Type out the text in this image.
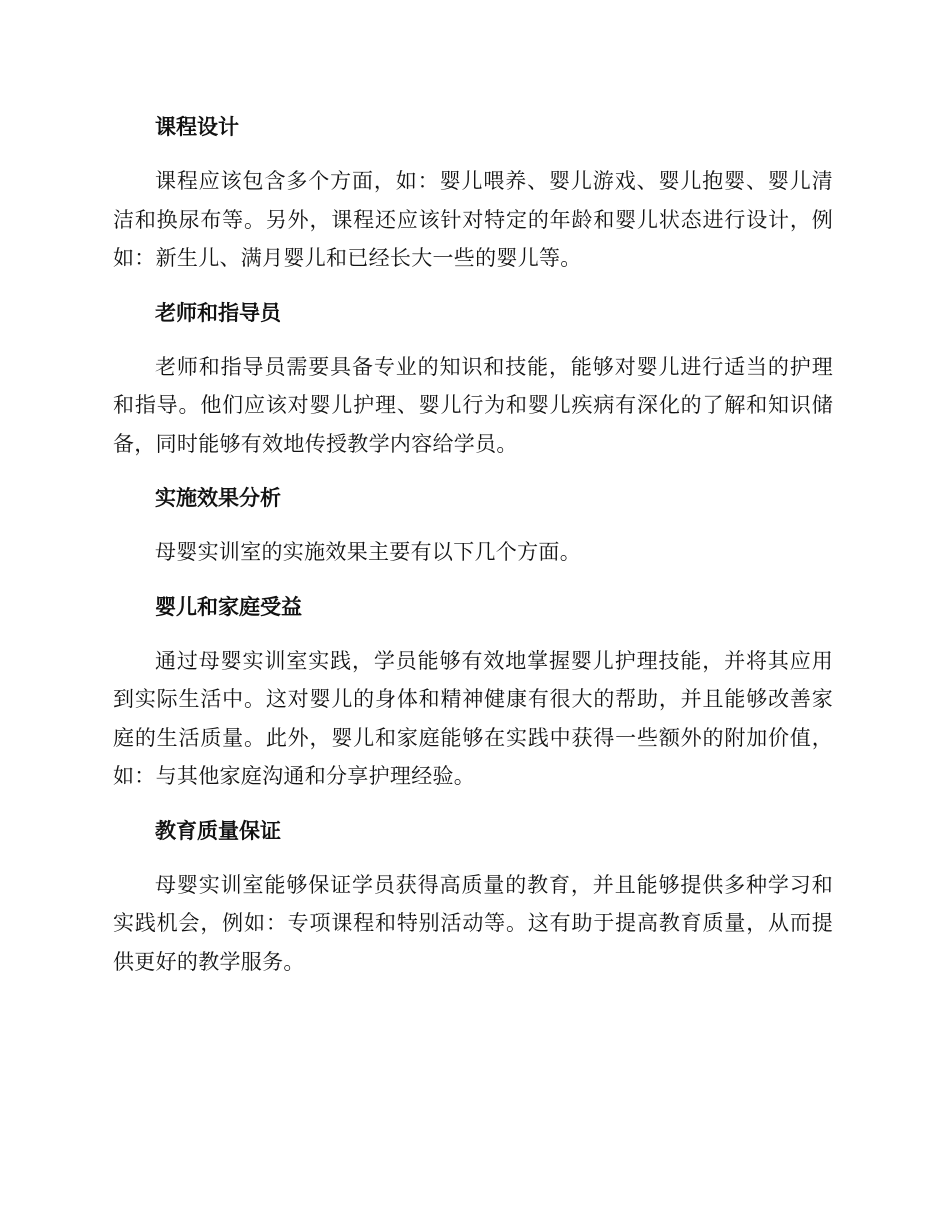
课程设计

课程应该包含多个方面，如：婴儿喂养、婴儿游戏、婴儿抱婴、婴儿清洁和换尿布等。另外，课程还应该针对特定的年龄和婴儿状态进行设计，例如：新生儿、满月婴儿和已经长大一些的婴儿等。

老师和指导员

老师和指导员需要具备专业的知识和技能，能够对婴儿进行适当的护理和指导。他们应该对婴儿护理、婴儿行为和婴儿疾病有深化的了解和知识储备，同时能够有效地传授教学内容给学员。

实施效果分析

母婴实训室的实施效果主要有以下几个方面。

婴儿和家庭受益

通过母婴实训室实践，学员能够有效地掌握婴儿护理技能，并将其应用到实际生活中。这对婴儿的身体和精神健康有很大的帮助，并且能够改善家庭的生活质量。此外，婴儿和家庭能够在实践中获得一些额外的附加价值，如：与其他家庭沟通和分享护理经验。

教育质量保证

母婴实训室能够保证学员获得高质量的教育，并且能够提供多种学习和实践机会，例如：专项课程和特别活动等。这有助于提高教育质量，从而提供更好的教学服务。
